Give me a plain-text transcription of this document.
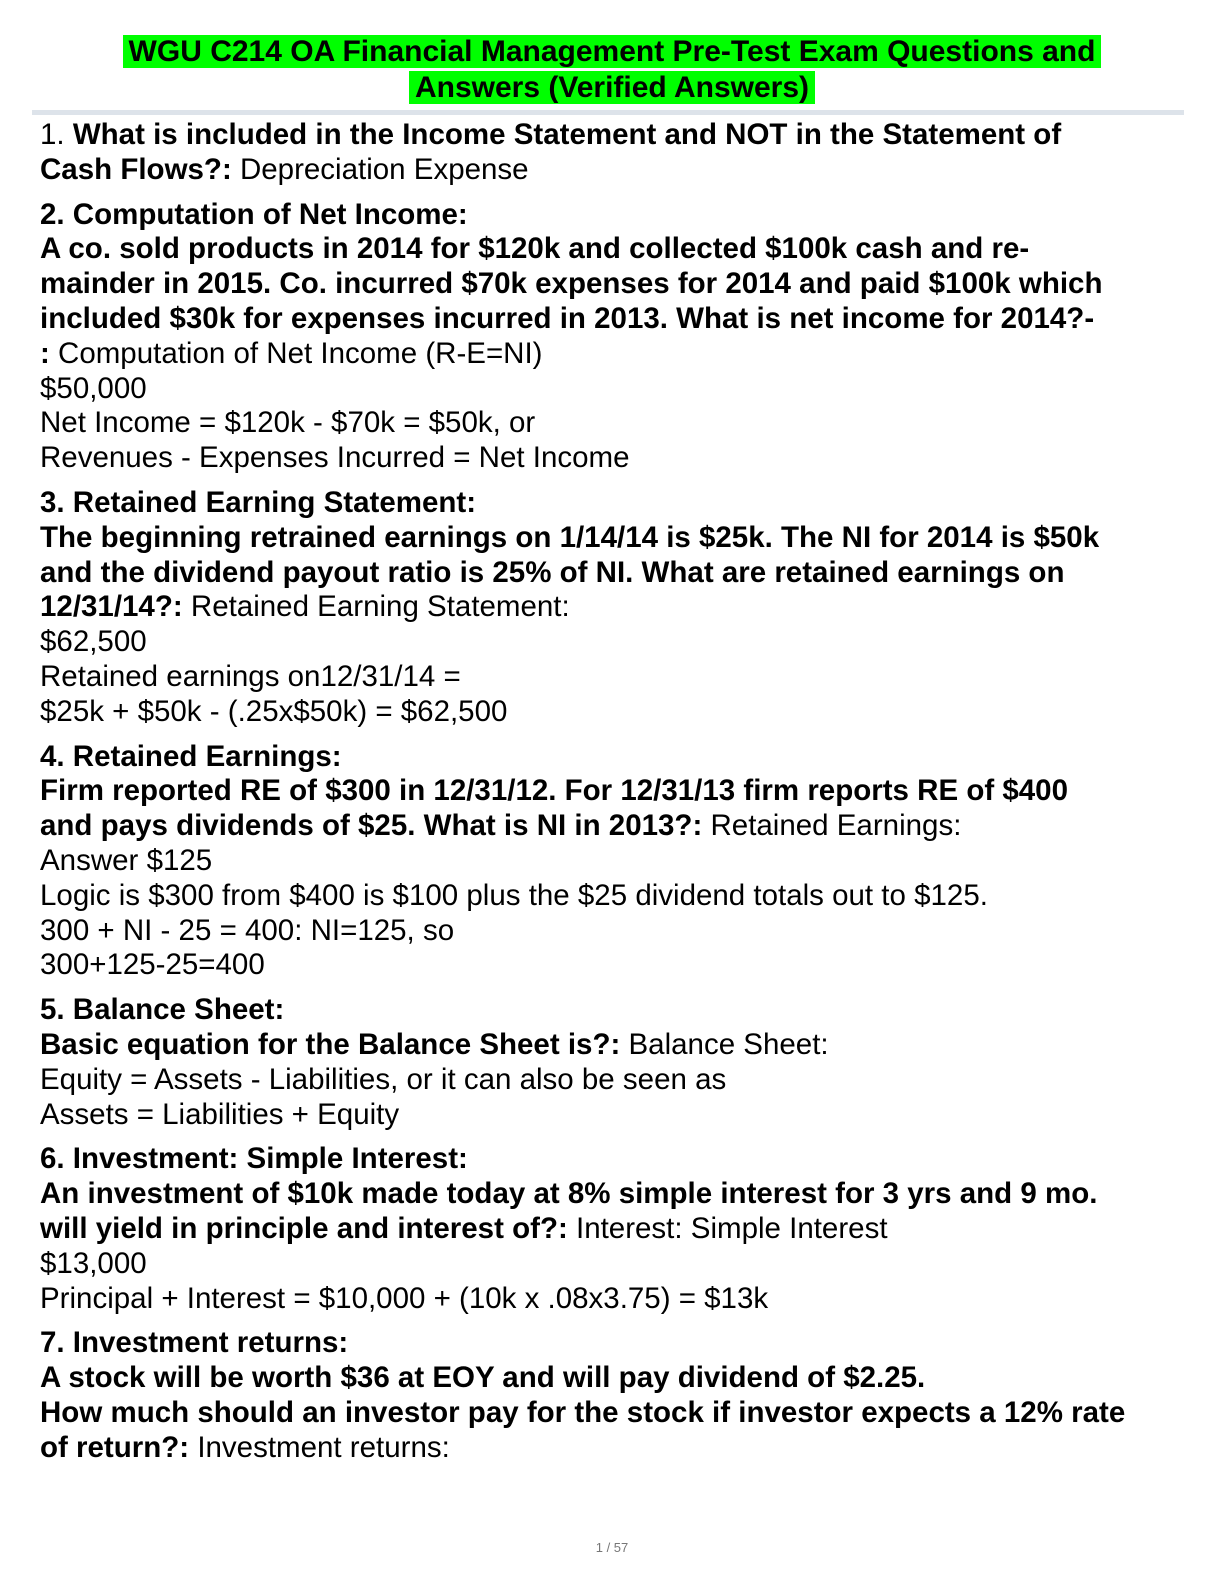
WGU C214 OA Financial Management Pre-Test Exam Questions and
Answers (Verified Answers)
1. What is included in the Income Statement and NOT in the Statement of
Cash Flows?: Depreciation Expense
2. Computation of Net Income:
A co. sold products in 2014 for $120k and collected $100k cash and re-
mainder in 2015. Co. incurred $70k expenses for 2014 and paid $100k which
included $30k for expenses incurred in 2013. What is net income for 2014?-
: Computation of Net Income (R-E=NI)
$50,000
Net Income = $120k - $70k = $50k, or
Revenues - Expenses Incurred = Net Income
3. Retained Earning Statement:
The beginning retrained earnings on 1/14/14 is $25k. The NI for 2014 is $50k
and the dividend payout ratio is 25% of NI. What are retained earnings on
12/31/14?: Retained Earning Statement:
$62,500
Retained earnings on12/31/14 =
$25k + $50k - (.25x$50k) = $62,500
4. Retained Earnings:
Firm reported RE of $300 in 12/31/12. For 12/31/13 firm reports RE of $400
and pays dividends of $25. What is NI in 2013?: Retained Earnings:
Answer $125
Logic is $300 from $400 is $100 plus the $25 dividend totals out to $125.
300 + NI - 25 = 400: NI=125, so
300+125-25=400
5. Balance Sheet:
Basic equation for the Balance Sheet is?: Balance Sheet:
Equity = Assets - Liabilities, or it can also be seen as
Assets = Liabilities + Equity
6. Investment: Simple Interest:
An investment of $10k made today at 8% simple interest for 3 yrs and 9 mo.
will yield in principle and interest of?: Interest: Simple Interest
$13,000
Principal + Interest = $10,000 + (10k x .08x3.75) = $13k
7. Investment returns:
A stock will be worth $36 at EOY and will pay dividend of $2.25.
How much should an investor pay for the stock if investor expects a 12% rate
of return?: Investment returns:
1 / 57
